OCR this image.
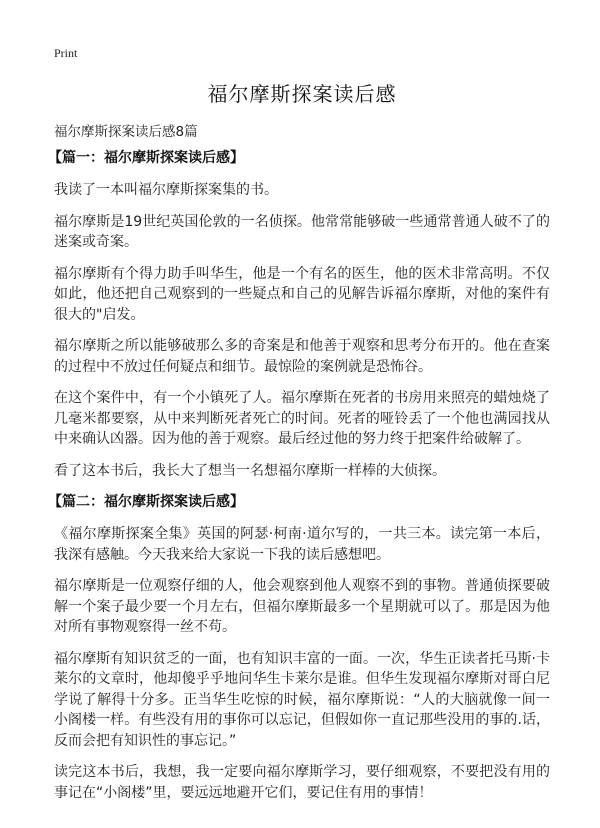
Print
福尔摩斯探案读后感
福尔摩斯探案读后感8篇
【篇一：福尔摩斯探案读后感】

我读了一本叫福尔摩斯探案集的书。

福尔摩斯是19世纪英国伦敦的一名侦探。他常常能够破一些通常普通人破不了的迷案或奇案。

福尔摩斯有个得力助手叫华生，他是一个有名的医生，他的医术非常高明。不仅如此，他还把自己观察到的一些疑点和自己的见解告诉福尔摩斯，对他的案件有很大的"启发。

福尔摩斯之所以能够破那么多的奇案是和他善于观察和思考分布开的。他在查案的过程中不放过任何疑点和细节。最惊险的案例就是恐怖谷。

在这个案件中，有一个小镇死了人。福尔摩斯在死者的书房用来照亮的蜡烛烧了几毫米都要察，从中来判断死者死亡的时间。死者的哑铃丢了一个他也满园找从中来确认凶器。因为他的善于观察。最后经过他的努力终于把案件给破解了。

看了这本书后，我长大了想当一名想福尔摩斯一样棒的大侦探。

【篇二：福尔摩斯探案读后感】

《福尔摩斯探案全集》英国的阿瑟·柯南·道尔写的，一共三本。读完第一本后，我深有感触。今天我来给大家说一下我的读后感想吧。

福尔摩斯是一位观察仔细的人，他会观察到他人观察不到的事物。普通侦探要破解一个案子最少要一个月左右，但福尔摩斯最多一个星期就可以了。那是因为他对所有事物观察得一丝不苟。

福尔摩斯有知识贫乏的一面，也有知识丰富的一面。一次，华生正读者托马斯·卡莱尔的文章时，他却傻乎乎地问华生卡莱尔是谁。但华生发现福尔摩斯对哥白尼学说了解得十分多。正当华生吃惊的时候，福尔摩斯说：“人的大脑就像一间一小阁楼一样。有些没有用的事你可以忘记，但假如你一直记那些没用的事的.话，反而会把有知识性的事忘记。”

读完这本书后，我想，我一定要向福尔摩斯学习，要仔细观察，不要把没有用的事记在“小阁楼”里，要远远地避开它们，要记住有用的事情！
